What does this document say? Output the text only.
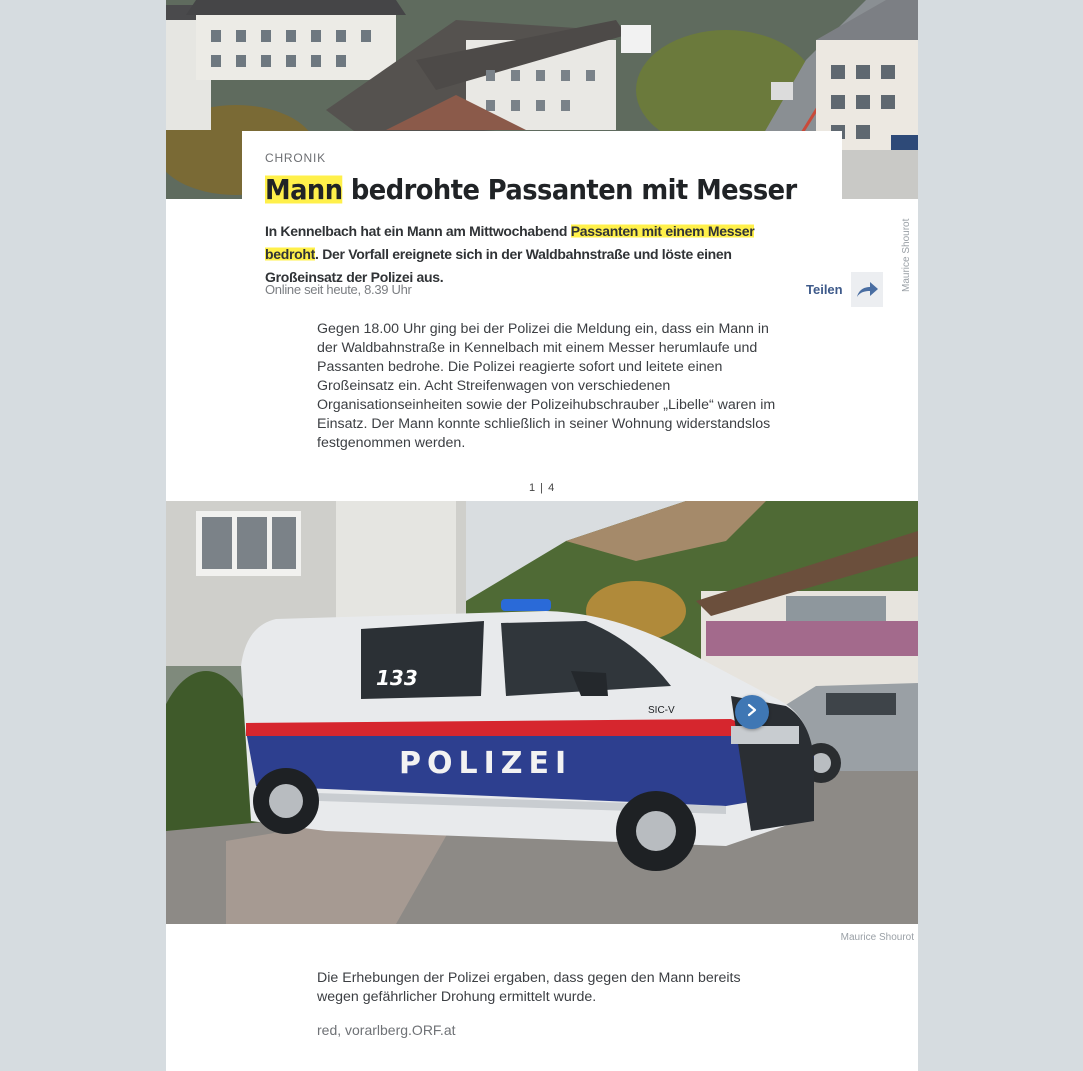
Maurice Shourot
CHRONIK
Mann bedrohte Passanten mit Messer

In Kennelbach hat ein Mann am Mittwochabend Passanten mit einem Messer bedroht. Der Vorfall ereignete sich in der Waldbahnstraße und löste einen Großeinsatz der Polizei aus.

Online seit heute, 8.39 Uhr	Teilen

Gegen 18.00 Uhr ging bei der Polizei die Meldung ein, dass ein Mann in der Waldbahnstraße in Kennelbach mit einem Messer herumlaufe und Passanten bedrohe. Die Polizei reagierte sofort und leitete einen Großeinsatz ein. Acht Streifenwagen von verschiedenen Organisationseinheiten sowie der Polizeihubschrauber „Libelle“ waren im Einsatz. Der Mann konnte schließlich in seiner Wohnung widerstandslos festgenommen werden.

1 | 4
133
POLIZEI
SIC-V
Maurice Shourot

Die Erhebungen der Polizei ergaben, dass gegen den Mann bereits wegen gefährlicher Drohung ermittelt wurde.

red, vorarlberg.ORF.at
